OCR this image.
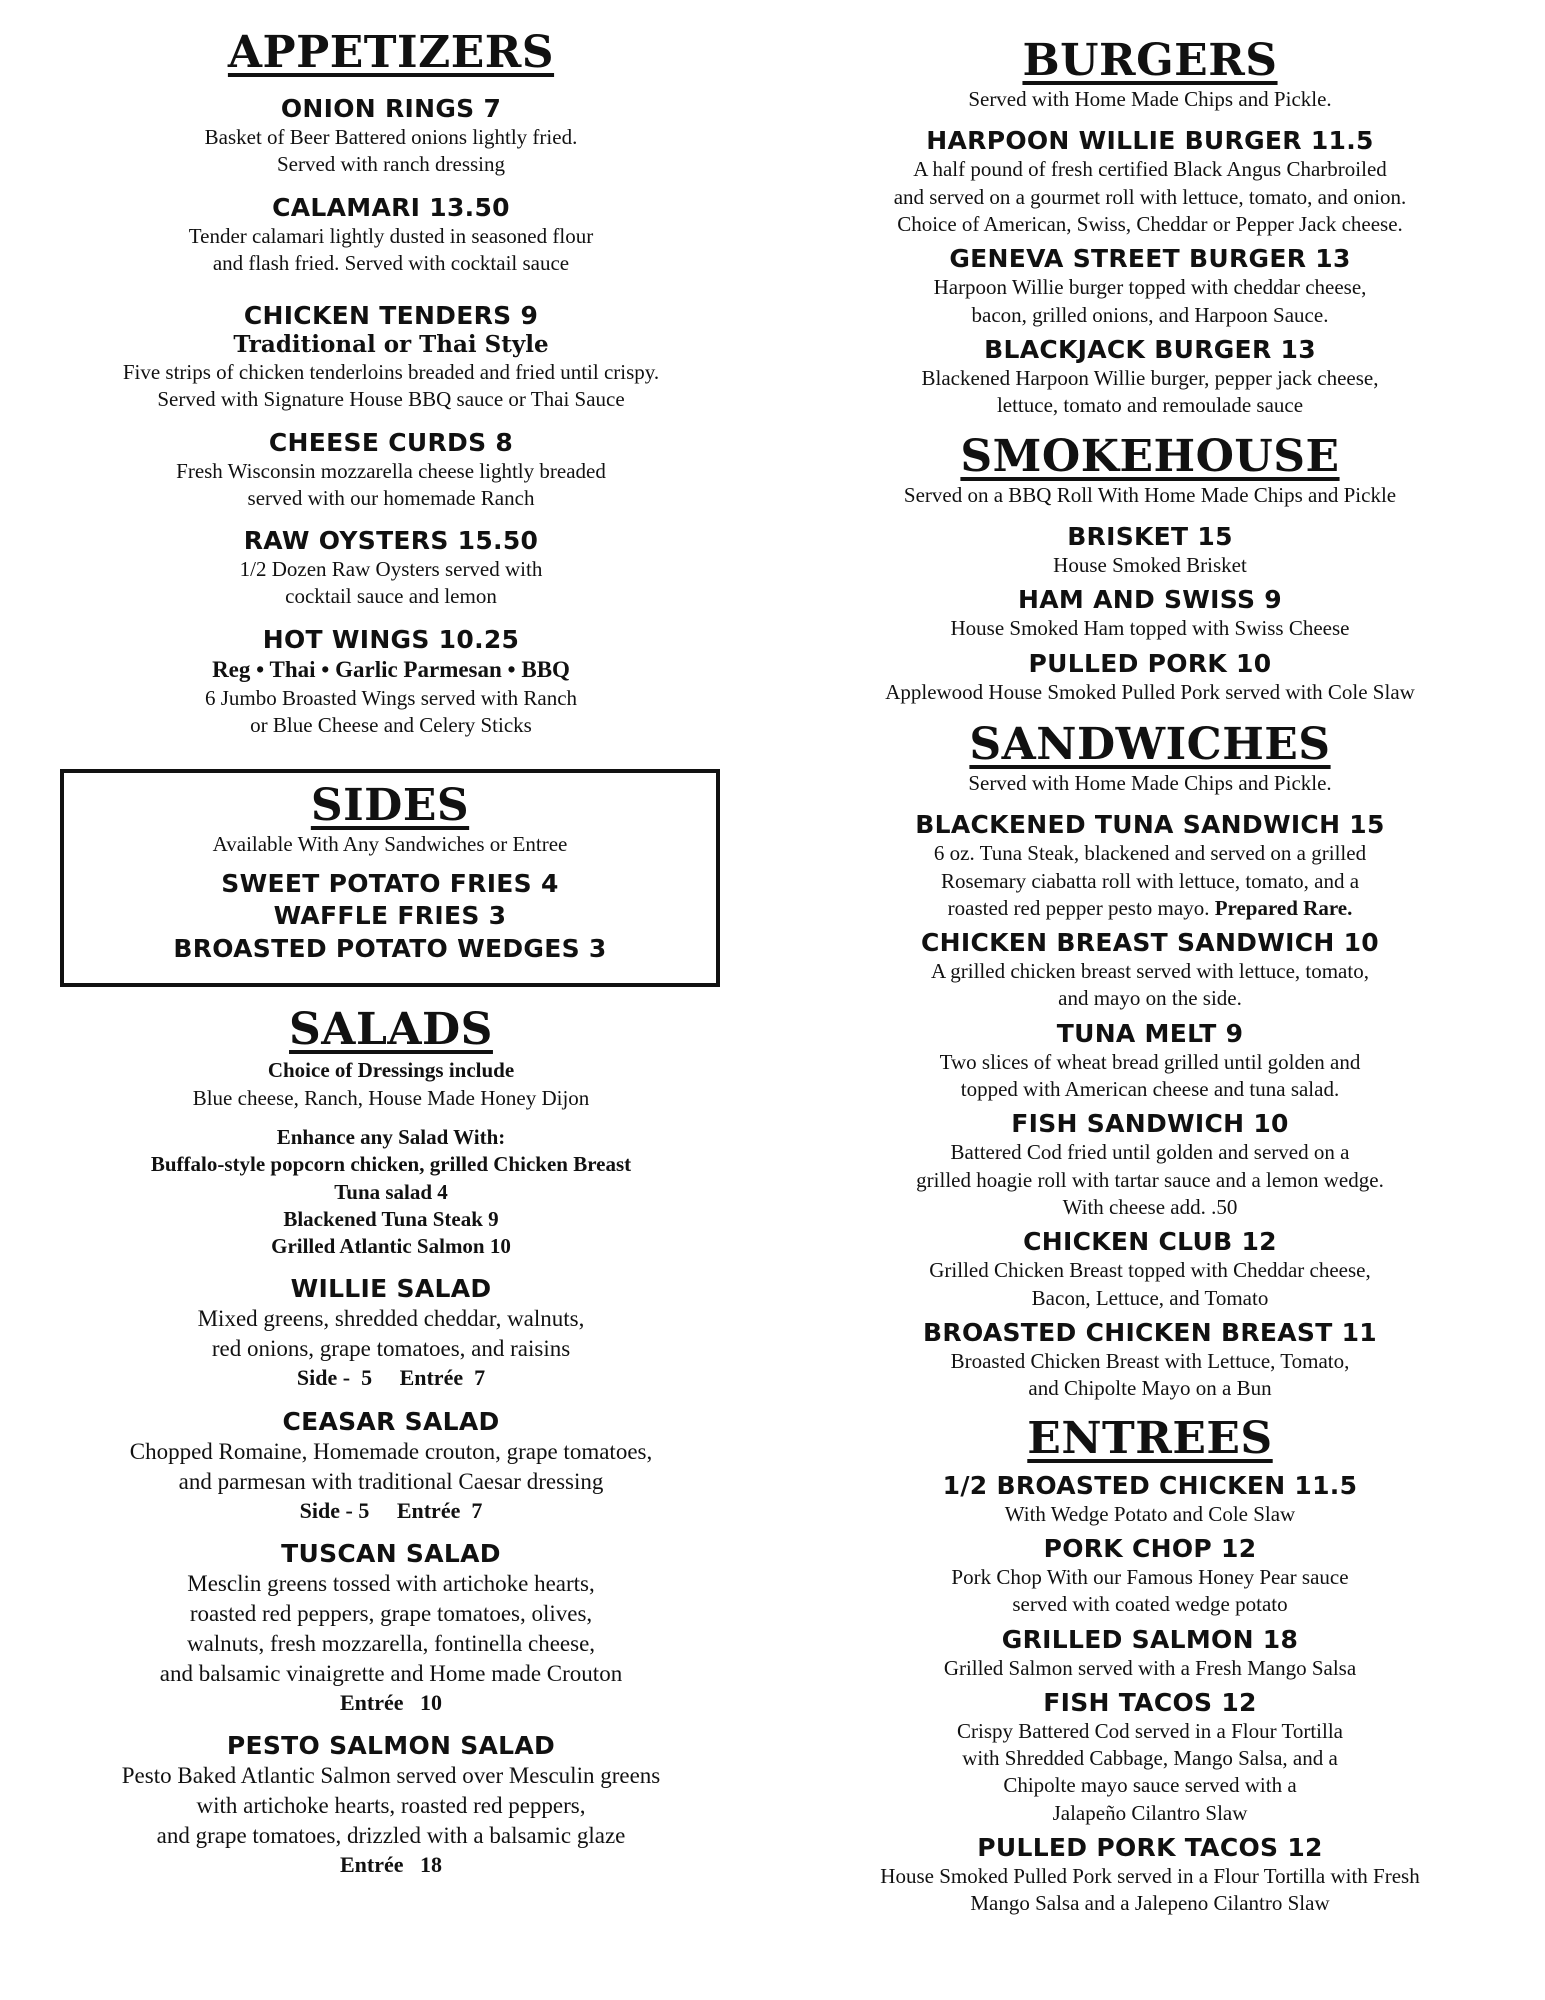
APPETIZERS
ONION RINGS 7
Basket of Beer Battered onions lightly fried.
Served with ranch dressing
CALAMARI 13.50
Tender calamari lightly dusted in seasoned flour
and flash fried. Served with cocktail sauce
CHICKEN TENDERS 9
Traditional or Thai Style
Five strips of chicken tenderloins breaded and fried until crispy.
Served with Signature House BBQ sauce or Thai Sauce
CHEESE CURDS 8
Fresh Wisconsin mozzarella cheese lightly breaded
served with our homemade Ranch
RAW OYSTERS 15.50
1/2 Dozen Raw Oysters served with
cocktail sauce and lemon
HOT WINGS 10.25
Reg • Thai • Garlic Parmesan • BBQ
6 Jumbo Broasted Wings served with Ranch
or Blue Cheese and Celery Sticks
SIDES
Available With Any Sandwiches or Entree
SWEET POTATO FRIES 4
WAFFLE FRIES 3
BROASTED POTATO WEDGES 3
SALADS
Choice of Dressings include
Blue cheese, Ranch, House Made Honey Dijon
Enhance any Salad With:
Buffalo-style popcorn chicken, grilled Chicken Breast
Tuna salad 4
Blackened Tuna Steak 9
Grilled Atlantic Salmon 10
WILLIE SALAD
Mixed greens, shredded cheddar, walnuts,
red onions, grape tomatoes, and raisins
Side -  5     Entrée  7
CEASAR SALAD
Chopped Romaine, Homemade crouton, grape tomatoes,
and parmesan with traditional Caesar dressing
Side - 5     Entrée  7
TUSCAN SALAD
Mesclin greens tossed with artichoke hearts,
roasted red peppers, grape tomatoes, olives,
walnuts, fresh mozzarella, fontinella cheese,
and balsamic vinaigrette and Home made Crouton
Entrée   10
PESTO SALMON SALAD
Pesto Baked Atlantic Salmon served over Mesculin greens
with artichoke hearts, roasted red peppers,
and grape tomatoes, drizzled with a balsamic glaze
Entrée   18
BURGERS
Served with Home Made Chips and Pickle.
HARPOON WILLIE BURGER 11.5
A half pound of fresh certified Black Angus Charbroiled
and served on a gourmet roll with lettuce, tomato, and onion.
Choice of American, Swiss, Cheddar or Pepper Jack cheese.
GENEVA STREET BURGER 13
Harpoon Willie burger topped with cheddar cheese,
bacon, grilled onions, and Harpoon Sauce.
BLACKJACK BURGER 13
Blackened Harpoon Willie burger, pepper jack cheese,
lettuce, tomato and remoulade sauce
SMOKEHOUSE
Served on a BBQ Roll With Home Made Chips and Pickle
BRISKET 15
House Smoked Brisket
HAM AND SWISS 9
House Smoked Ham topped with Swiss Cheese
PULLED PORK 10
Applewood House Smoked Pulled Pork served with Cole Slaw
SANDWICHES
Served with Home Made Chips and Pickle.
BLACKENED TUNA SANDWICH 15
6 oz. Tuna Steak, blackened and served on a grilled
Rosemary ciabatta roll with lettuce, tomato, and a
roasted red pepper pesto mayo. Prepared Rare.
CHICKEN BREAST SANDWICH 10
A grilled chicken breast served with lettuce, tomato,
and mayo on the side.
TUNA MELT 9
Two slices of wheat bread grilled until golden and
topped with American cheese and tuna salad.
FISH SANDWICH 10
Battered Cod fried until golden and served on a
grilled hoagie roll with tartar sauce and a lemon wedge.
With cheese add. .50
CHICKEN CLUB 12
Grilled Chicken Breast topped with Cheddar cheese,
Bacon, Lettuce, and Tomato
BROASTED CHICKEN BREAST 11
Broasted Chicken Breast with Lettuce, Tomato,
and Chipolte Mayo on a Bun
ENTREES
1/2 BROASTED CHICKEN 11.5
With Wedge Potato and Cole Slaw
PORK CHOP 12
Pork Chop With our Famous Honey Pear sauce
served with coated wedge potato
GRILLED SALMON 18
Grilled Salmon served with a Fresh Mango Salsa
FISH TACOS 12
Crispy Battered Cod served in a Flour Tortilla
with Shredded Cabbage, Mango Salsa, and a
Chipolte mayo sauce served with a
Jalapeño Cilantro Slaw
PULLED PORK TACOS 12
House Smoked Pulled Pork served in a Flour Tortilla with Fresh
Mango Salsa and a Jalepeno Cilantro Slaw
